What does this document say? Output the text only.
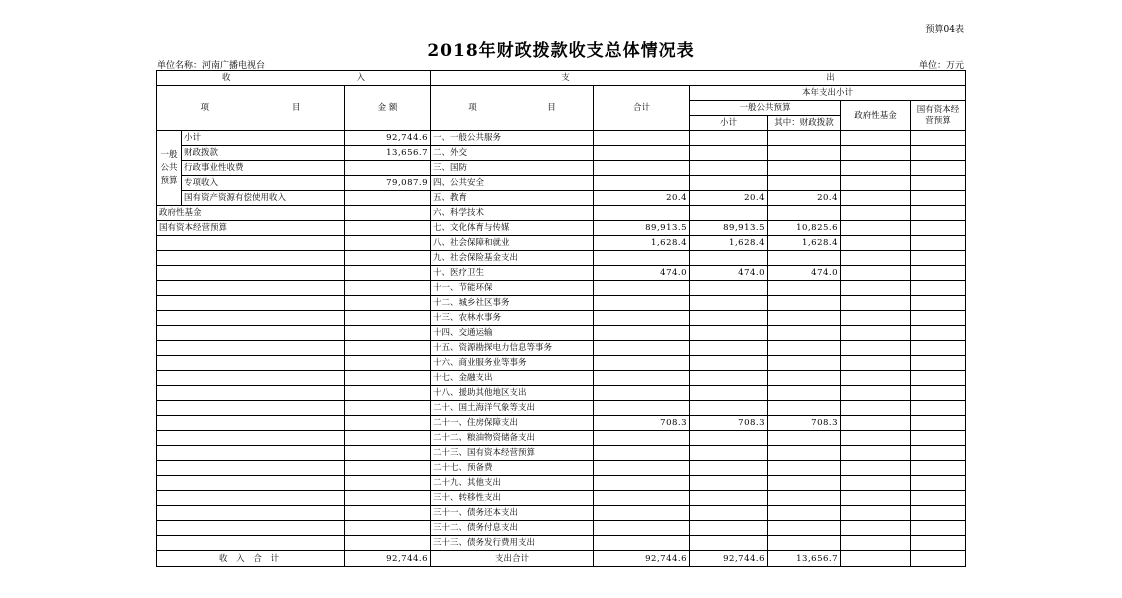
预算04表
2018年财政拨款收支总体情况表
单位名称：河南广播电视台	单位：万元
收 入			支 出					

项 目		金 额	项 目	合计	本年支出小计			
					一般公共预算		政府性基金	国有资本经营预算
					小计	其中：财政拨款		
一般公共预算	小计	92,744.6	一、一般公共服务					
	财政拨款	13,656.7	二、外交					
	行政事业性收费		三、国防					
	专项收入	79,087.9	四、公共安全					
	国有资产资源有偿使用收入		五、教育	20.4	20.4	20.4		
政府性基金			六、科学技术					
国有资本经营预算			七、文化体育与传媒	89,913.5	89,913.5	10,825.6		
			八、社会保障和就业	1,628.4	1,628.4	1,628.4		
			九、社会保险基金支出					
			十、医疗卫生	474.0	474.0	474.0		
			十一、节能环保					
			十二、城乡社区事务					
			十三、农林水事务					
			十四、交通运输					
			十五、资源勘探电力信息等事务					
			十六、商业服务业等事务					
			十七、金融支出					
			十八、援助其他地区支出					
			二十、国土海洋气象等支出					
			二十一、住房保障支出	708.3	708.3	708.3		
			二十二、粮油物资储备支出					
			二十三、国有资本经营预算					
			二十七、预备费					
			二十九、其他支出					
			三十、转移性支出					
			三十一、债务还本支出					
			三十二、债务付息支出					
			三十三、债务发行费用支出					
收 入 合 计		92,744.6	支出合计	92,744.6	92,744.6	13,656.7		
